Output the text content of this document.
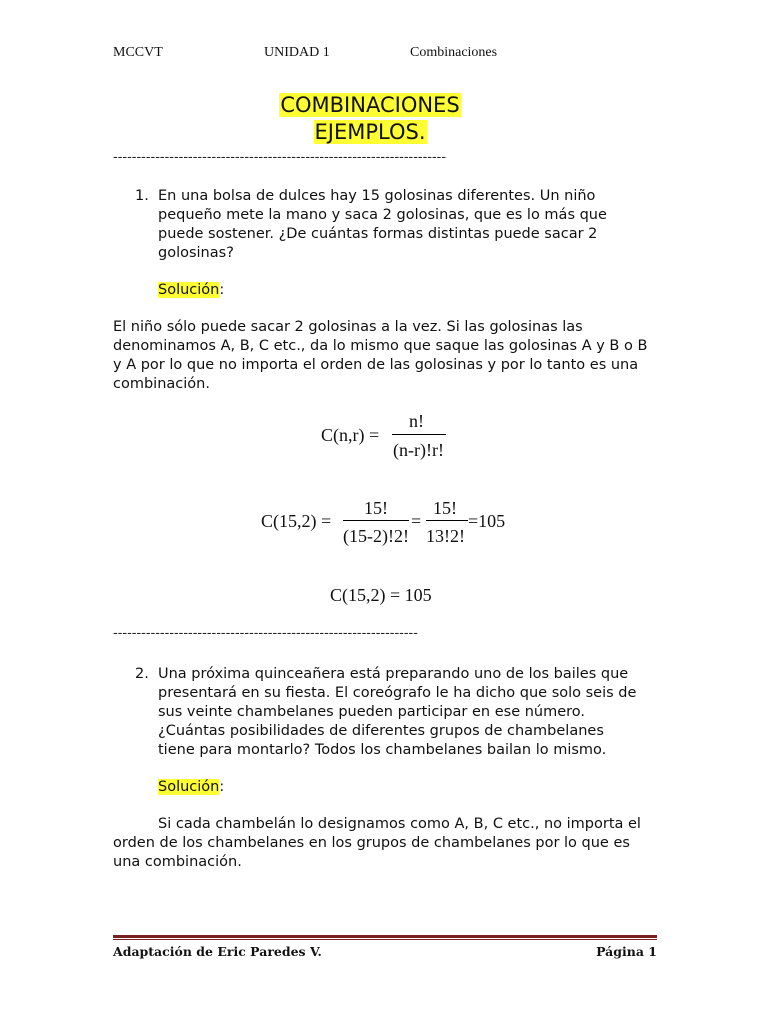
MCCVT	UNIDAD 1	Combinaciones
COMBINACIONES
EJEMPLOS.
-----------------------------------------------------------------------
1. En una bolsa de dulces hay 15 golosinas diferentes. Un niño pequeño mete la mano y saca 2 golosinas, que es lo más que puede sostener. ¿De cuántas formas distintas puede sacar 2 golosinas?
Solución:
El niño sólo puede sacar 2 golosinas a la vez. Si las golosinas las denominamos A, B, C etc., da lo mismo que saque las golosinas A y B o B y A por lo que no importa el orden de las golosinas y por lo tanto es una combinación.
C(n,r) =
n!
(n-r)!r!
C(15,2) =
15!
(15-2)!2!
=
15!
13!2!
=105
C(15,2) = 105
-----------------------------------------------------------------
2. Una próxima quinceañera está preparando uno de los bailes que presentará en su fiesta. El coreógrafo le ha dicho que solo seis de sus veinte chambelanes pueden participar en ese número. ¿Cuántas posibilidades de diferentes grupos de chambelanes tiene para montarlo? Todos los chambelanes bailan lo mismo.
Solución:
Si cada chambelán lo designamos como A, B, C etc., no importa el orden de los chambelanes en los grupos de chambelanes por lo que es una combinación.
Adaptación de Eric Paredes V.	Página 1
